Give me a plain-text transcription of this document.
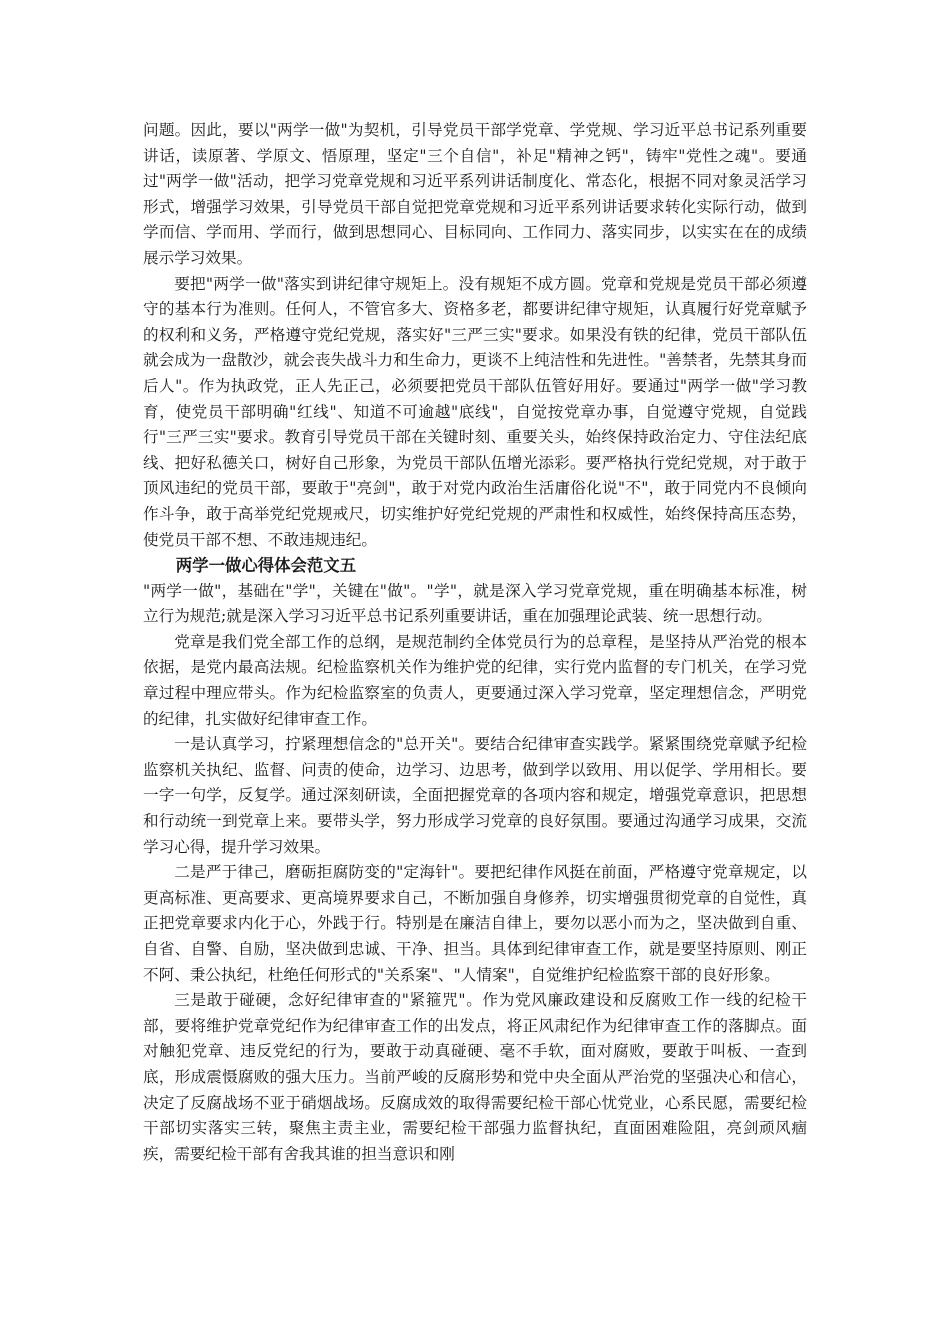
问题。因此，要以"两学一做"为契机，引导党员干部学党章、学党规、学习近平总书记系列重要讲话，读原著、学原文、悟原理，坚定"三个自信"，补足"精神之钙"，铸牢"党性之魂"。要通过"两学一做"活动，把学习党章党规和习近平系列讲话制度化、常态化，根据不同对象灵活学习形式，增强学习效果，引导党员干部自觉把党章党规和习近平系列讲话要求转化实际行动，做到学而信、学而用、学而行，做到思想同心、目标同向、工作同力、落实同步，以实实在在的成绩展示学习效果。

要把"两学一做"落实到讲纪律守规矩上。没有规矩不成方圆。党章和党规是党员干部必须遵守的基本行为准则。任何人，不管官多大、资格多老，都要讲纪律守规矩，认真履行好党章赋予的权利和义务，严格遵守党纪党规，落实好"三严三实"要求。如果没有铁的纪律，党员干部队伍就会成为一盘散沙，就会丧失战斗力和生命力，更谈不上纯洁性和先进性。"善禁者，先禁其身而后人"。作为执政党，正人先正己，必须要把党员干部队伍管好用好。要通过"两学一做"学习教育，使党员干部明确"红线"、知道不可逾越"底线"，自觉按党章办事，自觉遵守党规，自觉践行"三严三实"要求。教育引导党员干部在关键时刻、重要关头，始终保持政治定力、守住法纪底线、把好私德关口，树好自己形象，为党员干部队伍增光添彩。要严格执行党纪党规，对于敢于顶风违纪的党员干部，要敢于"亮剑"，敢于对党内政治生活庸俗化说"不"，敢于同党内不良倾向作斗争，敢于高举党纪党规戒尺，切实维护好党纪党规的严肃性和权威性，始终保持高压态势，使党员干部不想、不敢违规违纪。

两学一做心得体会范文五

"两学一做"，基础在"学"，关键在"做"。"学"，就是深入学习党章党规，重在明确基本标准，树立行为规范;就是深入学习习近平总书记系列重要讲话，重在加强理论武装、统一思想行动。

党章是我们党全部工作的总纲，是规范制约全体党员行为的总章程，是坚持从严治党的根本依据，是党内最高法规。纪检监察机关作为维护党的纪律，实行党内监督的专门机关，在学习党章过程中理应带头。作为纪检监察室的负责人，更要通过深入学习党章，坚定理想信念，严明党的纪律，扎实做好纪律审查工作。

一是认真学习，拧紧理想信念的"总开关"。要结合纪律审查实践学。紧紧围绕党章赋予纪检监察机关执纪、监督、问责的使命，边学习、边思考，做到学以致用、用以促学、学用相长。要一字一句学，反复学。通过深刻研读，全面把握党章的各项内容和规定，增强党章意识，把思想和行动统一到党章上来。要带头学，努力形成学习党章的良好氛围。要通过沟通学习成果，交流学习心得，提升学习效果。

二是严于律己，磨砺拒腐防变的"定海针"。要把纪律作风挺在前面，严格遵守党章规定，以更高标准、更高要求、更高境界要求自己，不断加强自身修养，切实增强贯彻党章的自觉性，真正把党章要求内化于心，外践于行。特别是在廉洁自律上，要勿以恶小而为之，坚决做到自重、自省、自警、自励，坚决做到忠诚、干净、担当。具体到纪律审查工作，就是要坚持原则、刚正不阿、秉公执纪，杜绝任何形式的"关系案"、"人情案"，自觉维护纪检监察干部的良好形象。

三是敢于碰硬，念好纪律审查的"紧箍咒"。作为党风廉政建设和反腐败工作一线的纪检干部，要将维护党章党纪作为纪律审查工作的出发点，将正风肃纪作为纪律审查工作的落脚点。面对触犯党章、违反党纪的行为，要敢于动真碰硬、毫不手软，面对腐败，要敢于叫板、一查到底，形成震慑腐败的强大压力。当前严峻的反腐形势和党中央全面从严治党的坚强决心和信心，决定了反腐战场不亚于硝烟战场。反腐成效的取得需要纪检干部心忧党业，心系民愿，需要纪检干部切实落实三转，聚焦主责主业，需要纪检干部强力监督执纪，直面困难险阻，亮剑顽风痼疾，需要纪检干部有舍我其谁的担当意识和刚
